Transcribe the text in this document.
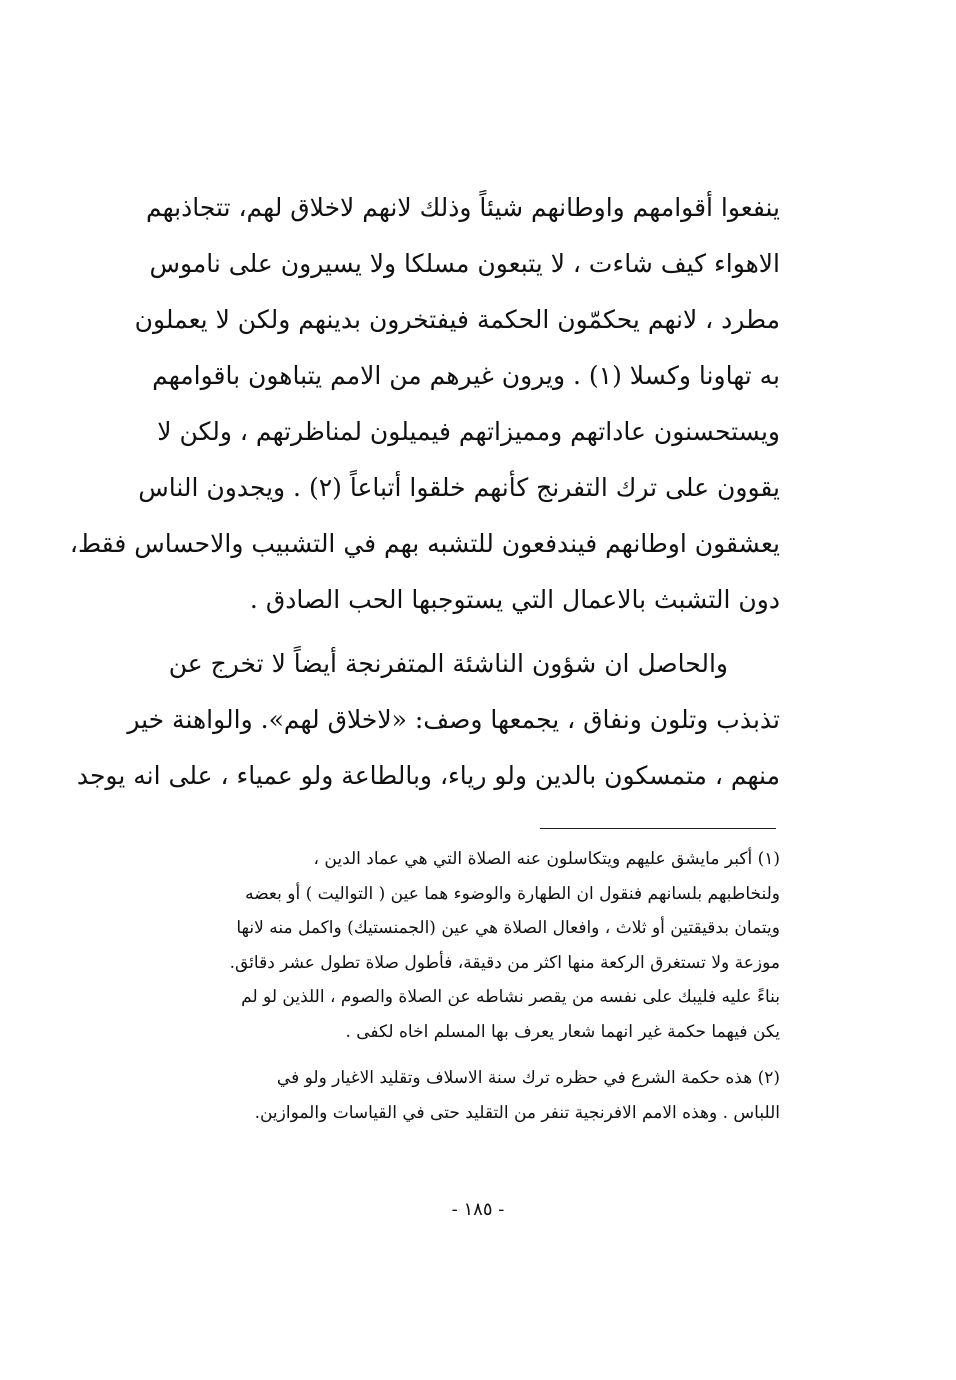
ينفعوا أقوامهم واوطانهم شيئاً وذلك لانهم لاخلاق لهم، تتجاذبهم
الاهواء كيف شاءت ، لا يتبعون مسلكا ولا يسيرون على ناموس
مطرد ، لانهم يحكمّون الحكمة فيفتخرون بدينهم ولكن لا يعملون
به تهاونا وكسلا (١) . ويرون غيرهم من الامم يتباهون باقوامهم
ويستحسنون عاداتهم ومميزاتهم فيميلون لمناظرتهم ، ولكن لا
يقوون على ترك التفرنج كأنهم خلقوا أتباعاً (٢) . ويجدون الناس
يعشقون اوطانهم فيندفعون للتشبه بهم في التشبيب والاحساس فقط،
دون التشبث بالاعمال التي يستوجبها الحب الصادق .
والحاصل ان شؤون الناشئة المتفرنجة أيضاً لا تخرج عن
تذبذب وتلون ونفاق ، يجمعها وصف: «لاخلاق لهم». والواهنة خير
منهم ، متمسكون بالدين ولو رياء، وبالطاعة ولو عمياء ، على انه يوجد
(١) أكبر مايشق عليهم ويتكاسلون عنه الصلاة التي هي عماد الدين ،
ولنخاطبهم بلسانهم فنقول ان الطهارة والوضوء هما عين ( التواليت ) أو بعضه
ويتمان بدقيقتين أو ثلاث ، وافعال الصلاة هي عين (الجمنستيك) واكمل منه لانها
موزعة ولا تستغرق الركعة منها اكثر من دقيقة، فأطول صلاة تطول عشر دقائق.
بناءً عليه فليبك على نفسه من يقصر نشاطه عن الصلاة والصوم ، اللذين لو لم
يكن فيهما حكمة غير انهما شعار يعرف بها المسلم اخاه لكفى .
(٢) هذه حكمة الشرع في حظره ترك سنة الاسلاف وتقليد الاغيار ولو في
اللباس . وهذه الامم الافرنجية تنفر من التقليد حتى في القياسات والموازين.
- ١٨٥ -
